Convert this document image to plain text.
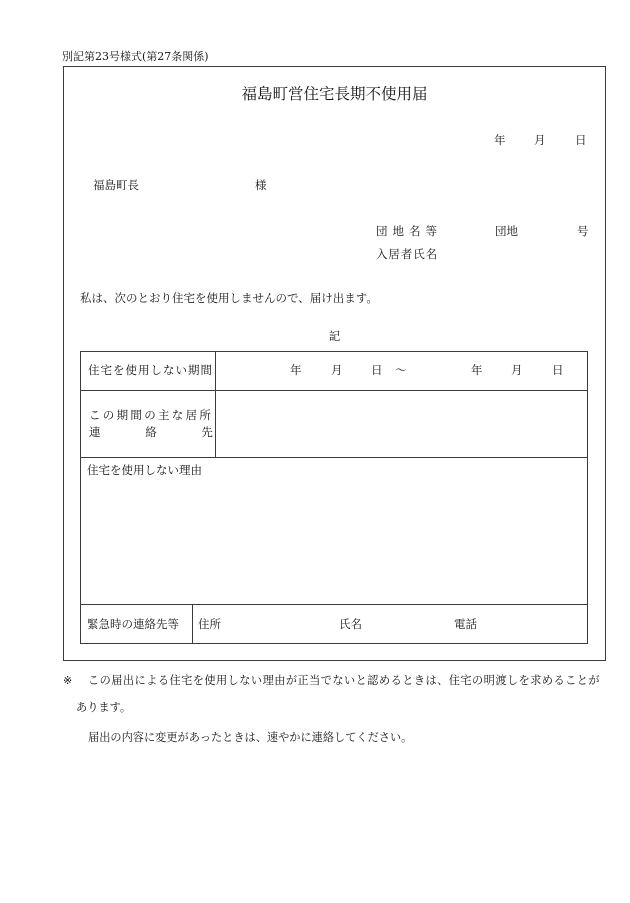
別記第23号様式(第27条関係)
福島町営住宅長期不使用届
年 月	日
福島町長	様
団地名等	団地	号
入居者氏名
私は、次のとおり住宅を使用しませんので、届け出ます。
記
住宅を使用しない期間	年	月 日 ～	年 月	日
この期間の主な居所
連絡先
住宅を使用しない理由
緊急時の連絡先等 住所	氏名	電話
※ この届出による住宅を使用しない理由が正当でないと認めるときは、住宅の明渡しを求めることが
あります。
届出の内容に変更があったときは、速やかに連絡してください。
